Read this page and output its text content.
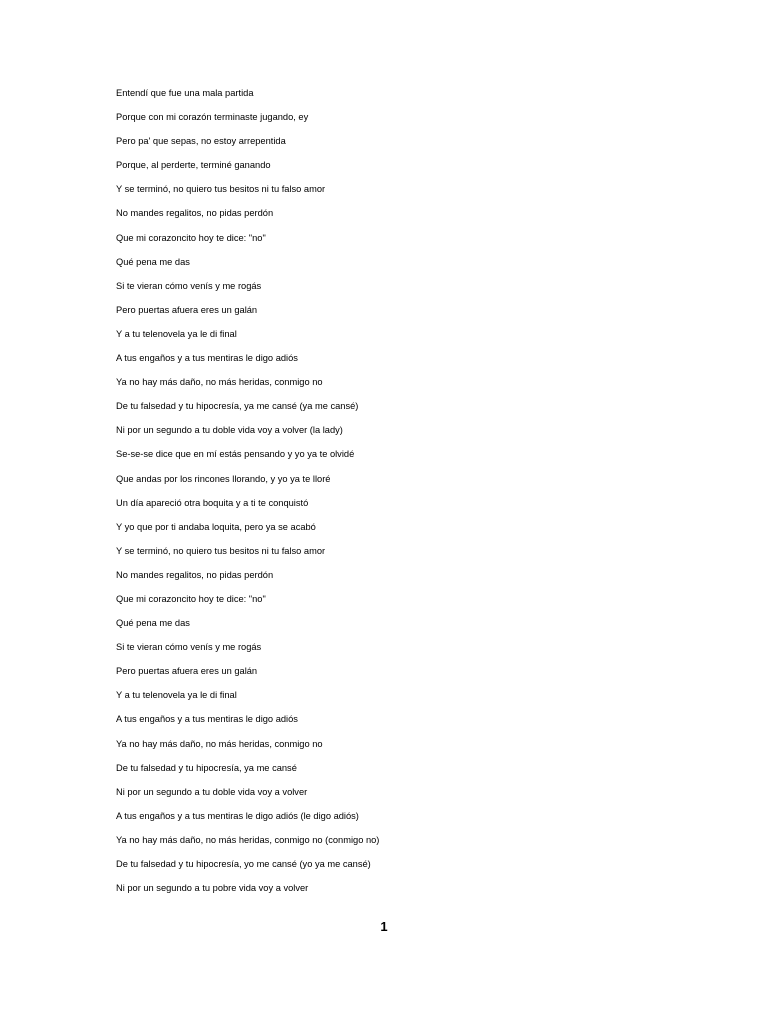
Entendí que fue una mala partida
Porque con mi corazón terminaste jugando, ey
Pero pa' que sepas, no estoy arrepentida
Porque, al perderte, terminé ganando
Y se terminó, no quiero tus besitos ni tu falso amor
No mandes regalitos, no pidas perdón
Que mi corazoncito hoy te dice: "no"
Qué pena me das
Si te vieran cómo venís y me rogás
Pero puertas afuera eres un galán
Y a tu telenovela ya le di final
A tus engaños y a tus mentiras le digo adiós
Ya no hay más daño, no más heridas, conmigo no
De tu falsedad y tu hipocresía, ya me cansé (ya me cansé)
Ni por un segundo a tu doble vida voy a volver (la lady)
Se-se-se dice que en mí estás pensando y yo ya te olvidé
Que andas por los rincones llorando, y yo ya te lloré
Un día apareció otra boquita y a ti te conquistó
Y yo que por ti andaba loquita, pero ya se acabó
Y se terminó, no quiero tus besitos ni tu falso amor
No mandes regalitos, no pidas perdón
Que mi corazoncito hoy te dice: "no"
Qué pena me das
Si te vieran cómo venís y me rogás
Pero puertas afuera eres un galán
Y a tu telenovela ya le di final
A tus engaños y a tus mentiras le digo adiós
Ya no hay más daño, no más heridas, conmigo no
De tu falsedad y tu hipocresía, ya me cansé
Ni por un segundo a tu doble vida voy a volver
A tus engaños y a tus mentiras le digo adiós (le digo adiós)
Ya no hay más daño, no más heridas, conmigo no (conmigo no)
De tu falsedad y tu hipocresía, yo me cansé (yo ya me cansé)
Ni por un segundo a tu pobre vida voy a volver
1
